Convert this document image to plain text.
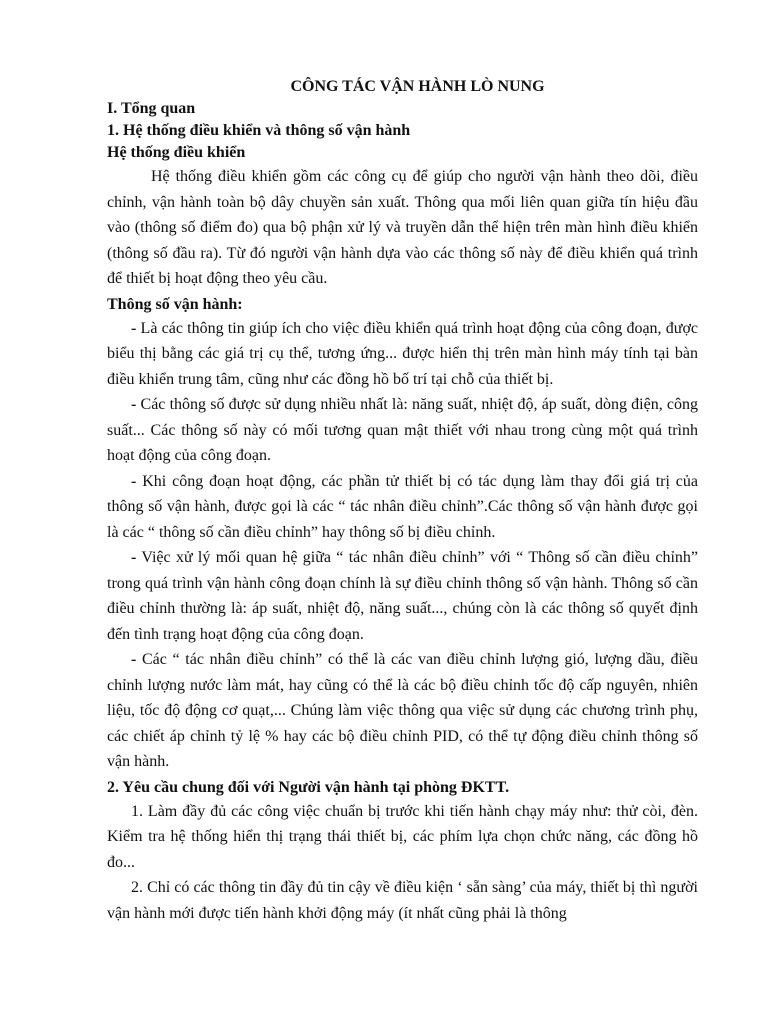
CÔNG TÁC VẬN HÀNH LÒ NUNG
I. Tổng quan
1. Hệ thống điều khiển và thông số vận hành
Hệ thống điều khiển

Hệ thống điều khiển gồm các công cụ để giúp cho người vận hành theo dõi, điều chỉnh, vận hành toàn bộ dây chuyền sản xuất. Thông qua mối liên quan giữa tín hiệu đầu vào (thông số điểm đo) qua bộ phận xử lý và truyền dẫn thể hiện trên màn hình điều khiển (thông số đầu ra). Từ đó người vận hành dựa vào các thông số này để điều khiển quá trình để thiết bị hoạt động theo yêu cầu.

Thông số vận hành:

- Là các thông tin giúp ích cho việc điều khiển quá trình hoạt động của công đoạn, được biểu thị bằng các giá trị cụ thể, tương ứng... được hiển thị trên màn hình máy tính tại bàn điều khiển trung tâm, cũng như các đồng hồ bố trí tại chỗ của thiết bị.

- Các thông số được sử dụng nhiều nhất là: năng suất, nhiệt độ, áp suất, dòng điện, công suất... Các thông số này có mối tương quan mật thiết với nhau trong cùng một quá trình hoạt động của công đoạn.

- Khi công đoạn hoạt động, các phần tử thiết bị có tác dụng làm thay đổi giá trị của thông số vận hành, được gọi là các “ tác nhân điều chỉnh”.Các thông số vận hành được gọi là các “ thông số cần điều chỉnh” hay thông số bị điều chỉnh.

- Việc xử lý mối quan hệ giữa “ tác nhân điều chỉnh” với “ Thông số cần điều chỉnh” trong quá trình vận hành công đoạn chính là sự điều chỉnh thông số vận hành. Thông số cần điều chỉnh thường là: áp suất, nhiệt độ, năng suất..., chúng còn là các thông số quyết định đến tình trạng hoạt động của công đoạn.

- Các “ tác nhân điều chỉnh” có thể là các van điều chỉnh lượng gió, lượng dầu, điều chỉnh lượng nước làm mát, hay cũng có thể là các bộ điều chỉnh tốc độ cấp nguyên, nhiên liệu, tốc độ động cơ quạt,... Chúng làm việc thông qua việc sử dụng các chương trình phụ, các chiết áp chỉnh tỷ lệ % hay các bộ điều chỉnh PID, có thể tự động điều chỉnh thông số vận hành.

2. Yêu cầu chung đối với Người vận hành tại phòng ĐKTT.

1. Làm đầy đủ các công việc chuẩn bị trước khi tiến hành chạy máy như: thử còi, đèn. Kiểm tra hệ thống hiển thị trạng thái thiết bị, các phím lựa chọn chức năng, các đồng hồ đo...

2. Chỉ có các thông tin đầy đủ tin cậy về điều kiện ‘ sẵn sàng’ của máy, thiết bị thì người vận hành mới được tiến hành khởi động máy (ít nhất cũng phải là thông
